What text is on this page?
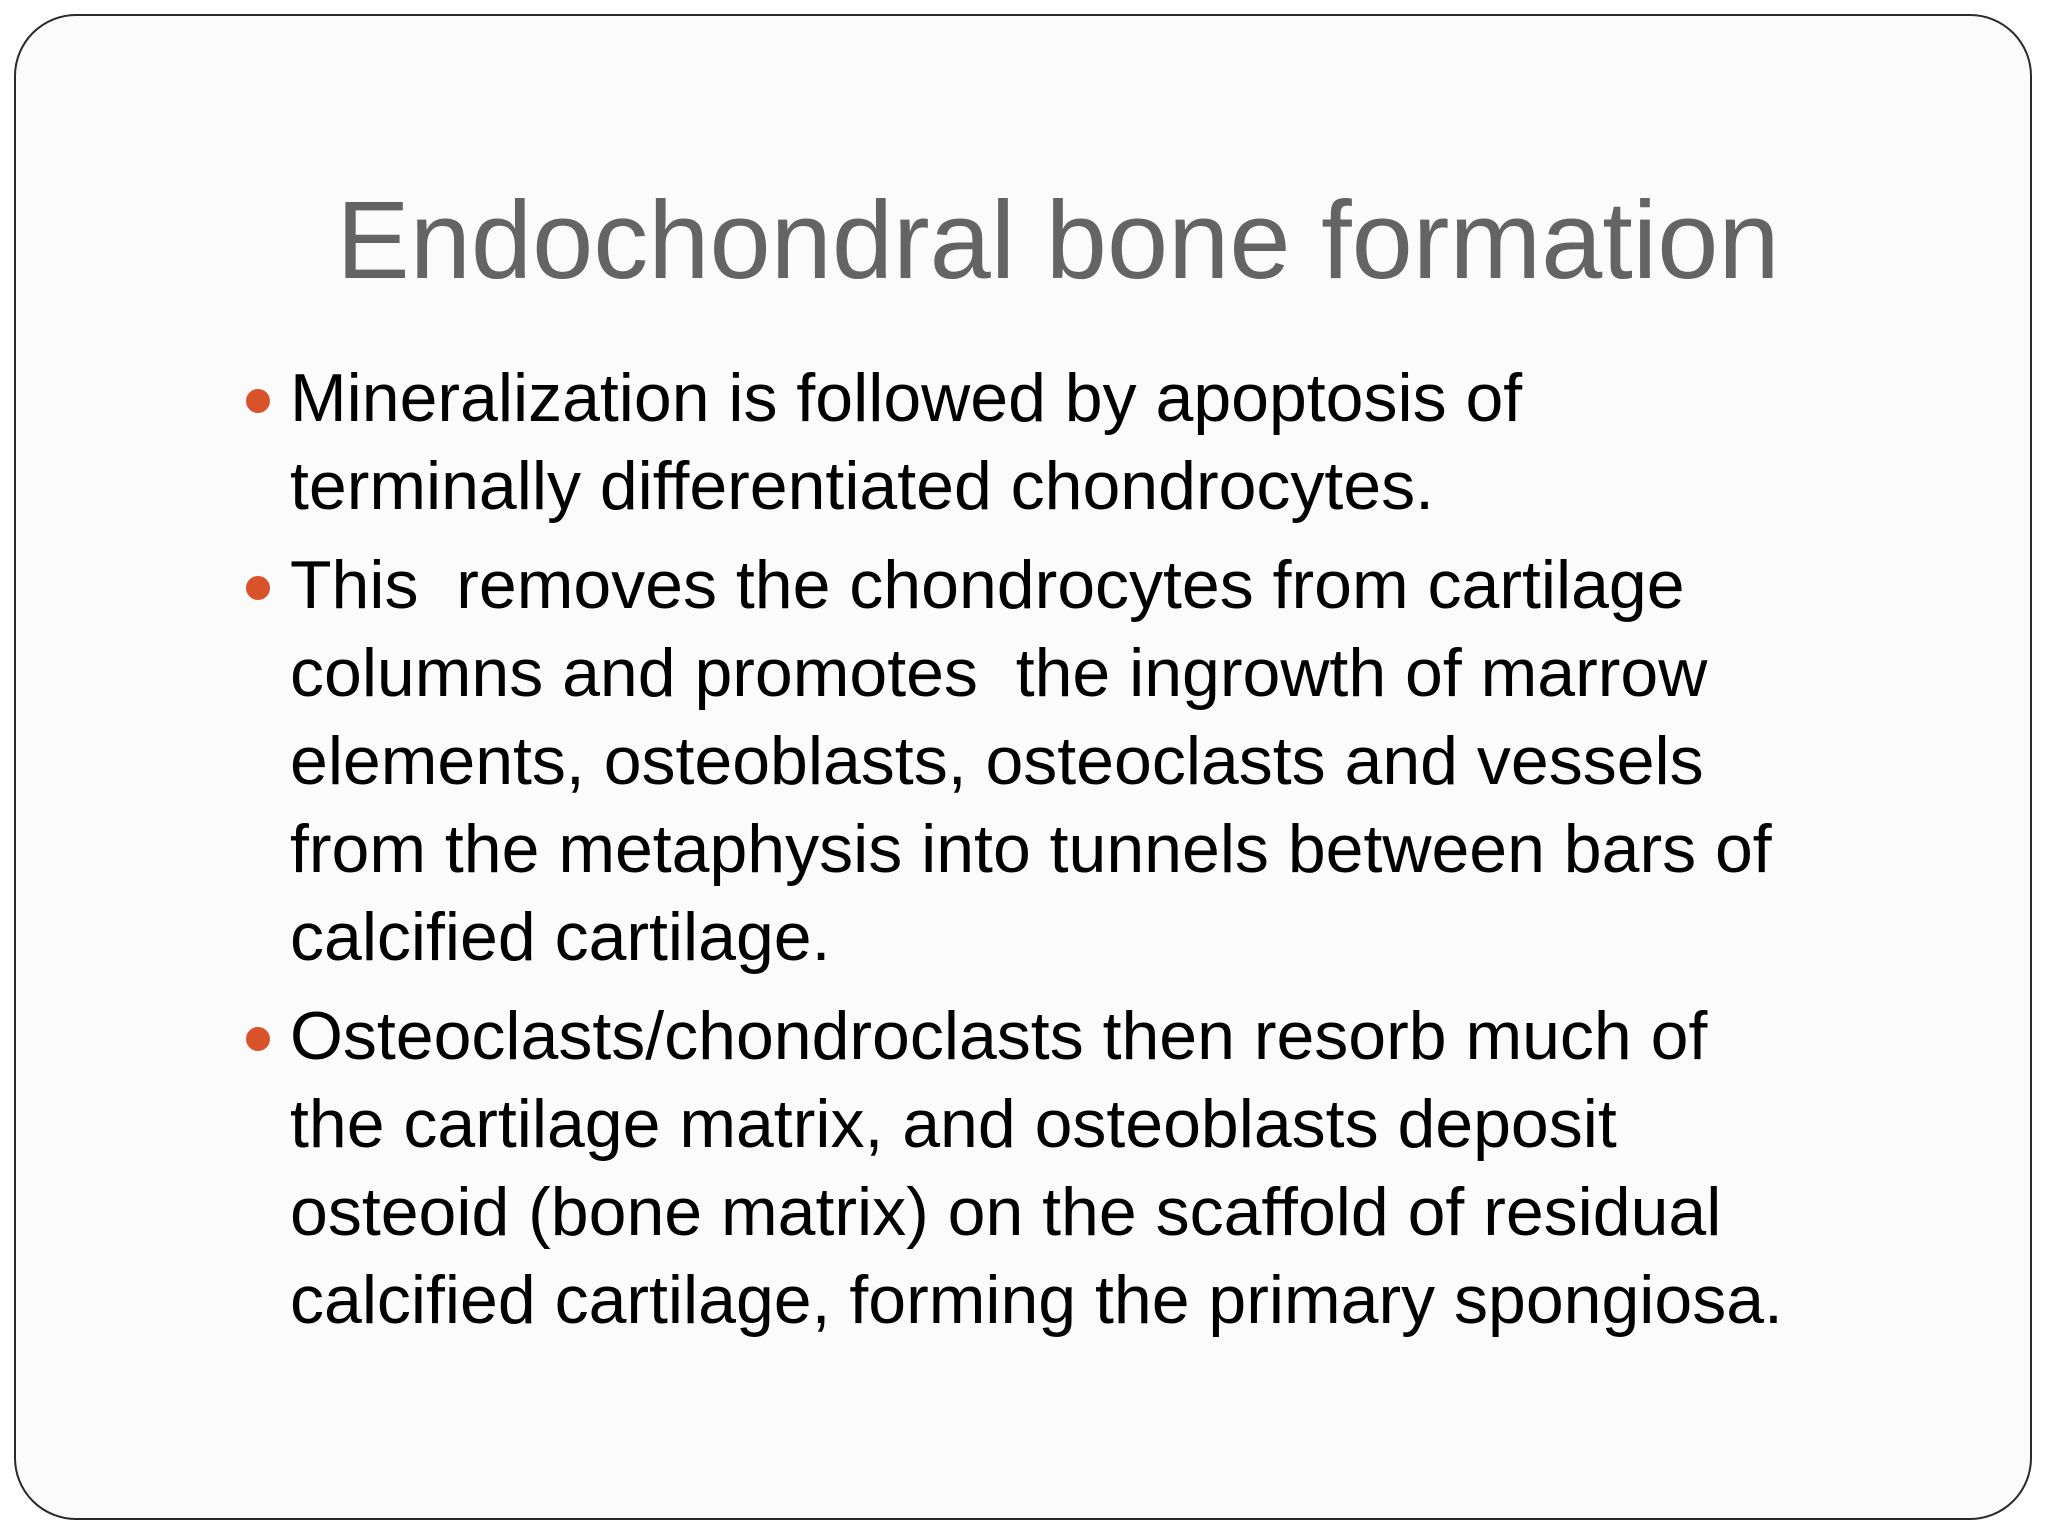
Endochondral bone formation
Mineralization is followed by apoptosis of
terminally differentiated chondrocytes.
This  removes the chondrocytes from cartilage
columns and promotes  the ingrowth of marrow
elements, osteoblasts, osteoclasts and vessels
from the metaphysis into tunnels between bars of
calcified cartilage.
Osteoclasts/chondroclasts then resorb much of
the cartilage matrix, and osteoblasts deposit
osteoid (bone matrix) on the scaffold of residual
calcified cartilage, forming the primary spongiosa.
